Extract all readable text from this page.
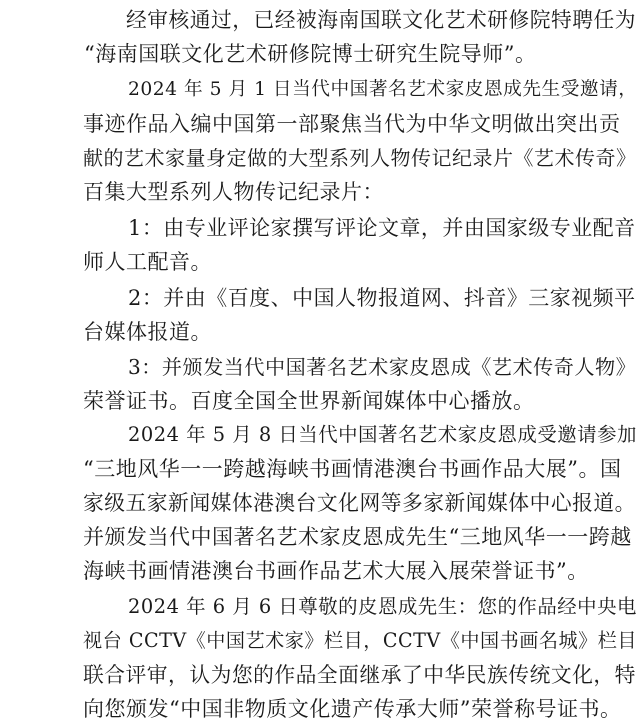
经审核通过，已经被海南国联文化艺术研修院特聘任为
“海南国联文化艺术研修院博士研究生院导师”。
2024 年 5 月 1 日当代中国著名艺术家皮恩成先生受邀请，
事迹作品入编中国第一部聚焦当代为中华文明做出突出贡
献的艺术家量身定做的大型系列人物传记纪录片《艺术传奇》
百集大型系列人物传记纪录片：
1：由专业评论家撰写评论文章，并由国家级专业配音
师人工配音。
2：并由《百度、中国人物报道网、抖音》三家视频平
台媒体报道。
3：并颁发当代中国著名艺术家皮恩成《艺术传奇人物》
荣誉证书。百度全国全世界新闻媒体中心播放。
2024 年 5 月 8 日当代中国著名艺术家皮恩成受邀请参加
“三地风华一一跨越海峡书画情港澳台书画作品大展”。国
家级五家新闻媒体港澳台文化网等多家新闻媒体中心报道。
并颁发当代中国著名艺术家皮恩成先生“三地风华一一跨越
海峡书画情港澳台书画作品艺术大展入展荣誉证书”。
2024 年 6 月 6 日尊敬的皮恩成先生：您的作品经中央电
视台 CCTV《中国艺术家》栏目，CCTV《中国书画名城》栏目
联合评审，认为您的作品全面继承了中华民族传统文化，特
向您颁发“中国非物质文化遗产传承大师”荣誉称号证书。
